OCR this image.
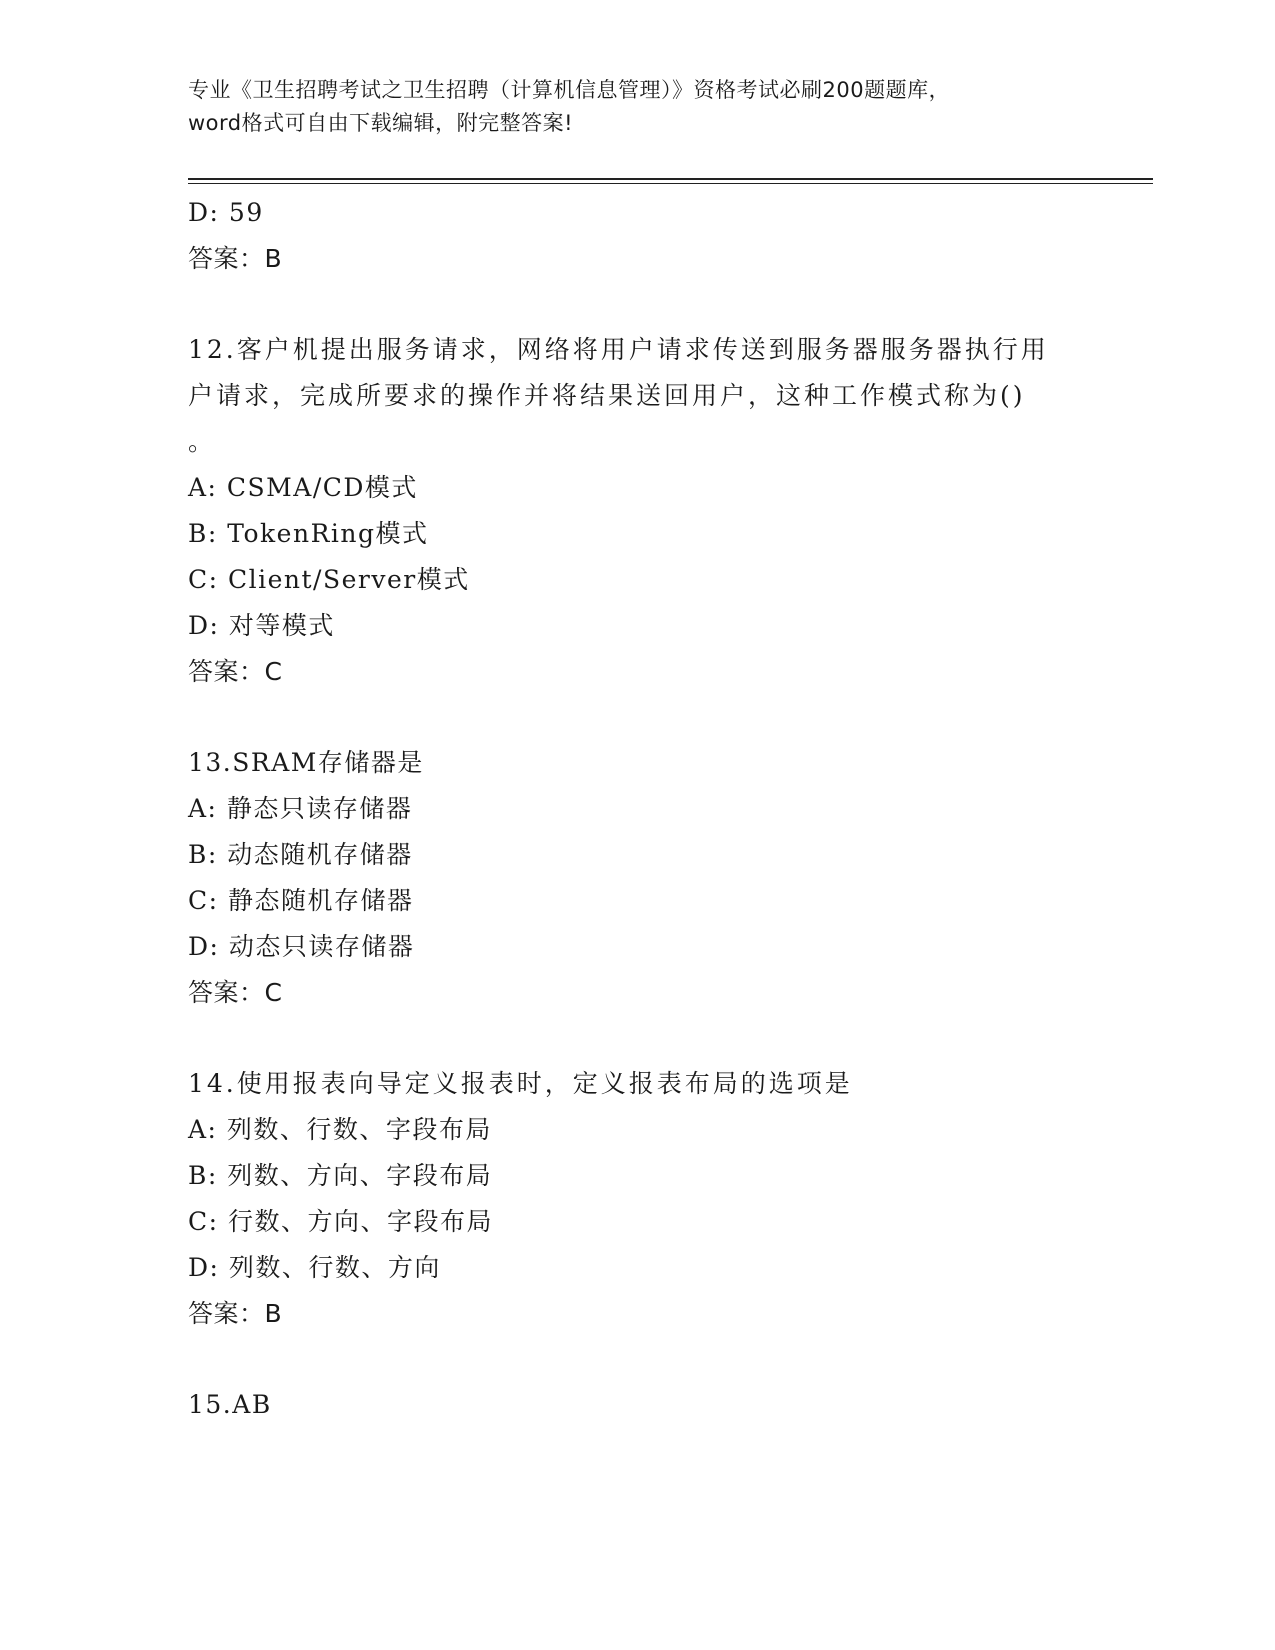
专业《卫生招聘考试之卫生招聘（计算机信息管理）》资格考试必刷200题题库，
word格式可自由下载编辑，附完整答案!
D: 59
答案：B
12.客户机提出服务请求，网络将用户请求传送到服务器服务器执行用
户请求，完成所要求的操作并将结果送回用户，这种工作模式称为()
。
A: CSMA/CD模式
B: TokenRing模式
C: Client/Server模式
D: 对等模式
答案：C
13.SRAM存储器是
A: 静态只读存储器
B: 动态随机存储器
C: 静态随机存储器
D: 动态只读存储器
答案：C
14.使用报表向导定义报表时，定义报表布局的选项是
A: 列数、行数、字段布局
B: 列数、方向、字段布局
C: 行数、方向、字段布局
D: 列数、行数、方向
答案：B
15.AB
